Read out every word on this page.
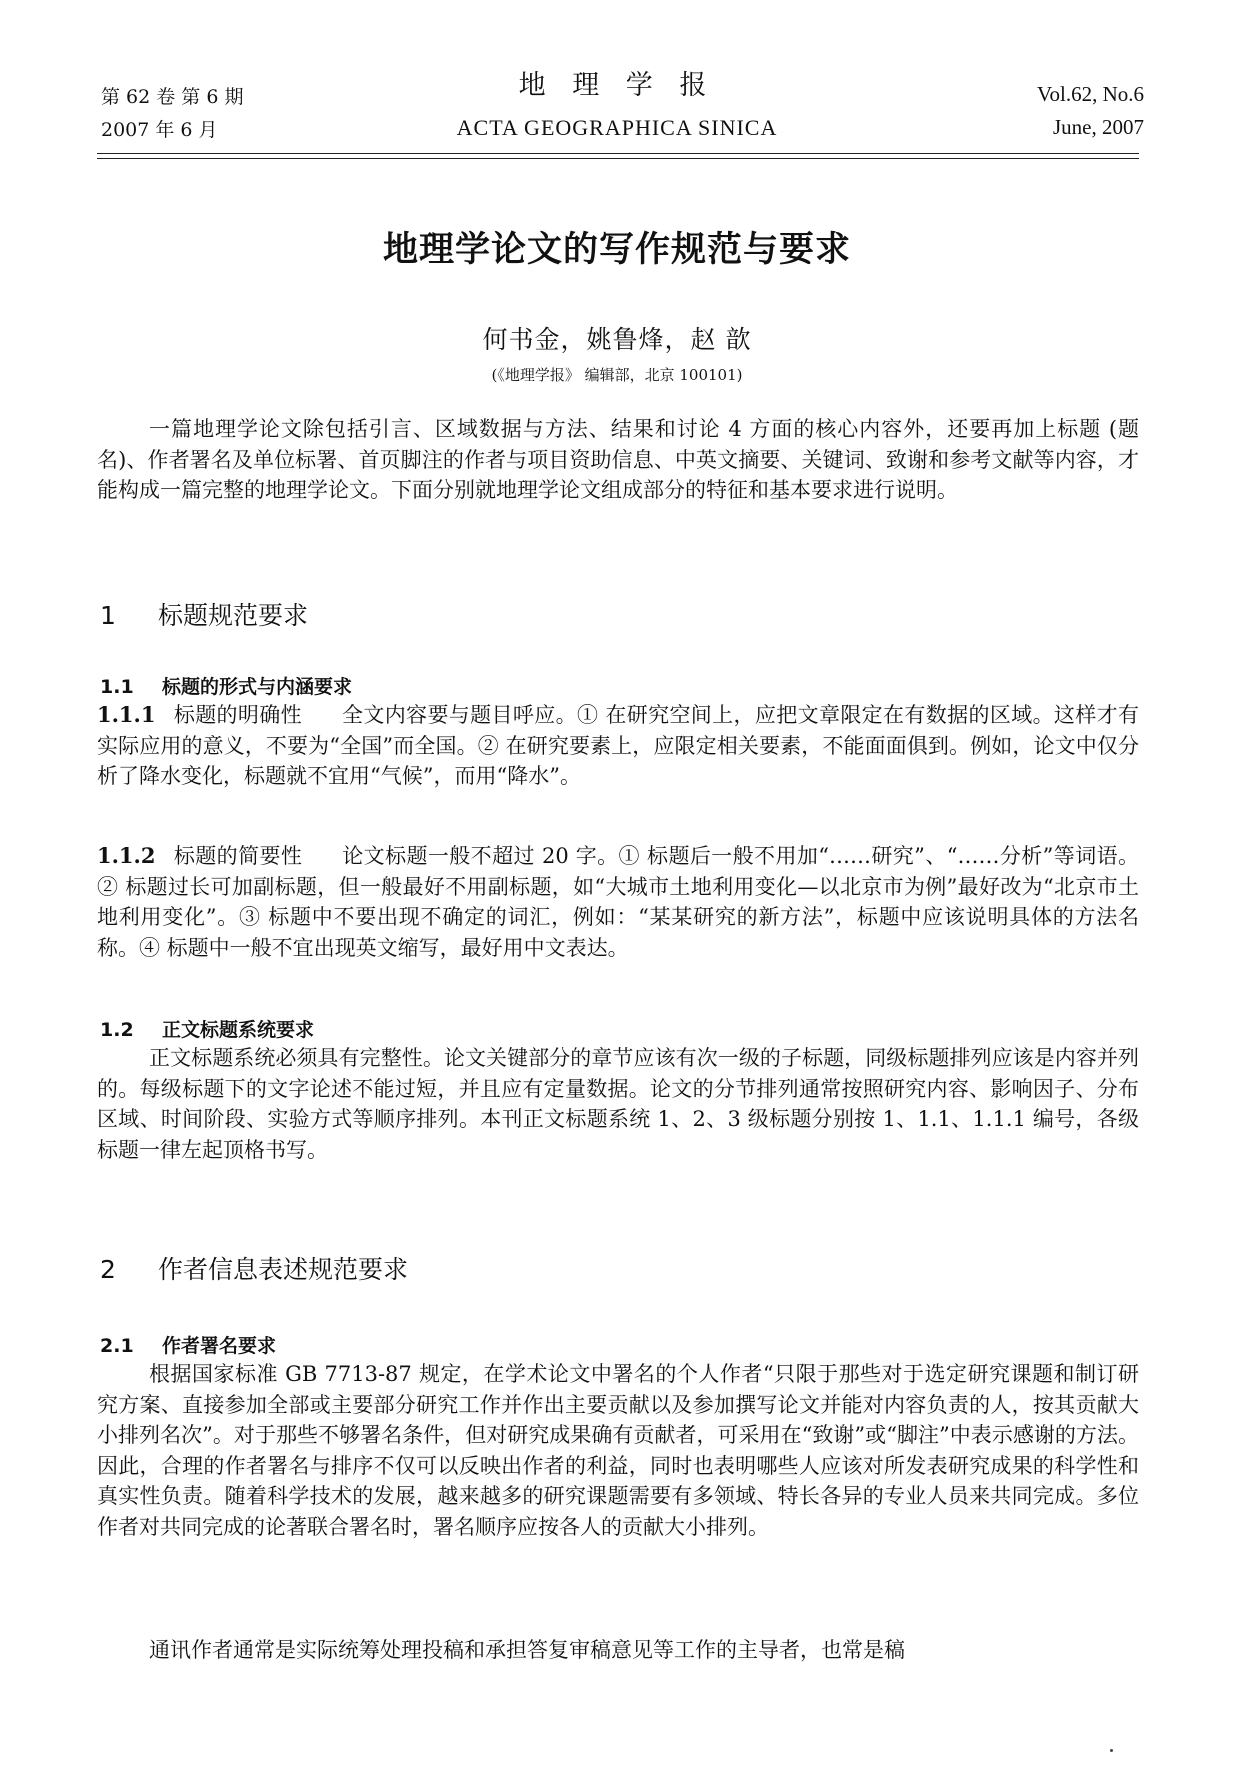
第 62 卷 第 6 期
2007 年 6 月
地 理 学 报
ACTA GEOGRAPHICA SINICA
Vol.62, No.6
June, 2007
地理学论文的写作规范与要求
何书金，姚鲁烽，赵 歆
(《地理学报》 编辑部，北京 100101)
一篇地理学论文除包括引言、区域数据与方法、结果和讨论 4 方面的核心内容外，还要再加上标题 (题名)、作者署名及单位标署、首页脚注的作者与项目资助信息、中英文摘要、关键词、致谢和参考文献等内容，才能构成一篇完整的地理学论文。下面分别就地理学论文组成部分的特征和基本要求进行说明。
1 标题规范要求
1.1 标题的形式与内涵要求
1.1.1 标题的明确性 全文内容要与题目呼应。① 在研究空间上，应把文章限定在有数据的区域。这样才有实际应用的意义，不要为“全国”而全国。② 在研究要素上，应限定相关要素，不能面面俱到。例如，论文中仅分析了降水变化，标题就不宜用“气候”，而用“降水”。
1.1.2 标题的简要性 论文标题一般不超过 20 字。① 标题后一般不用加“……研究”、“……分析”等词语。② 标题过长可加副标题，但一般最好不用副标题，如“大城市土地利用变化—以北京市为例”最好改为“北京市土地利用变化”。③ 标题中不要出现不确定的词汇，例如：“某某研究的新方法”，标题中应该说明具体的方法名称。④ 标题中一般不宜出现英文缩写，最好用中文表达。
1.2 正文标题系统要求
正文标题系统必须具有完整性。论文关键部分的章节应该有次一级的子标题，同级标题排列应该是内容并列的。每级标题下的文字论述不能过短，并且应有定量数据。论文的分节排列通常按照研究内容、影响因子、分布区域、时间阶段、实验方式等顺序排列。本刊正文标题系统 1、2、3 级标题分别按 1、1.1、1.1.1 编号，各级标题一律左起顶格书写。
2 作者信息表述规范要求
2.1 作者署名要求
根据国家标准 GB 7713-87 规定，在学术论文中署名的个人作者“只限于那些对于选定研究课题和制订研究方案、直接参加全部或主要部分研究工作并作出主要贡献以及参加撰写论文并能对内容负责的人，按其贡献大小排列名次”。对于那些不够署名条件，但对研究成果确有贡献者，可采用在“致谢”或“脚注”中表示感谢的方法。因此，合理的作者署名与排序不仅可以反映出作者的利益，同时也表明哪些人应该对所发表研究成果的科学性和真实性负责。随着科学技术的发展，越来越多的研究课题需要有多领域、特长各异的专业人员来共同完成。多位作者对共同完成的论著联合署名时，署名顺序应按各人的贡献大小排列。
通讯作者通常是实际统筹处理投稿和承担答复审稿意见等工作的主导者，也常是稿
